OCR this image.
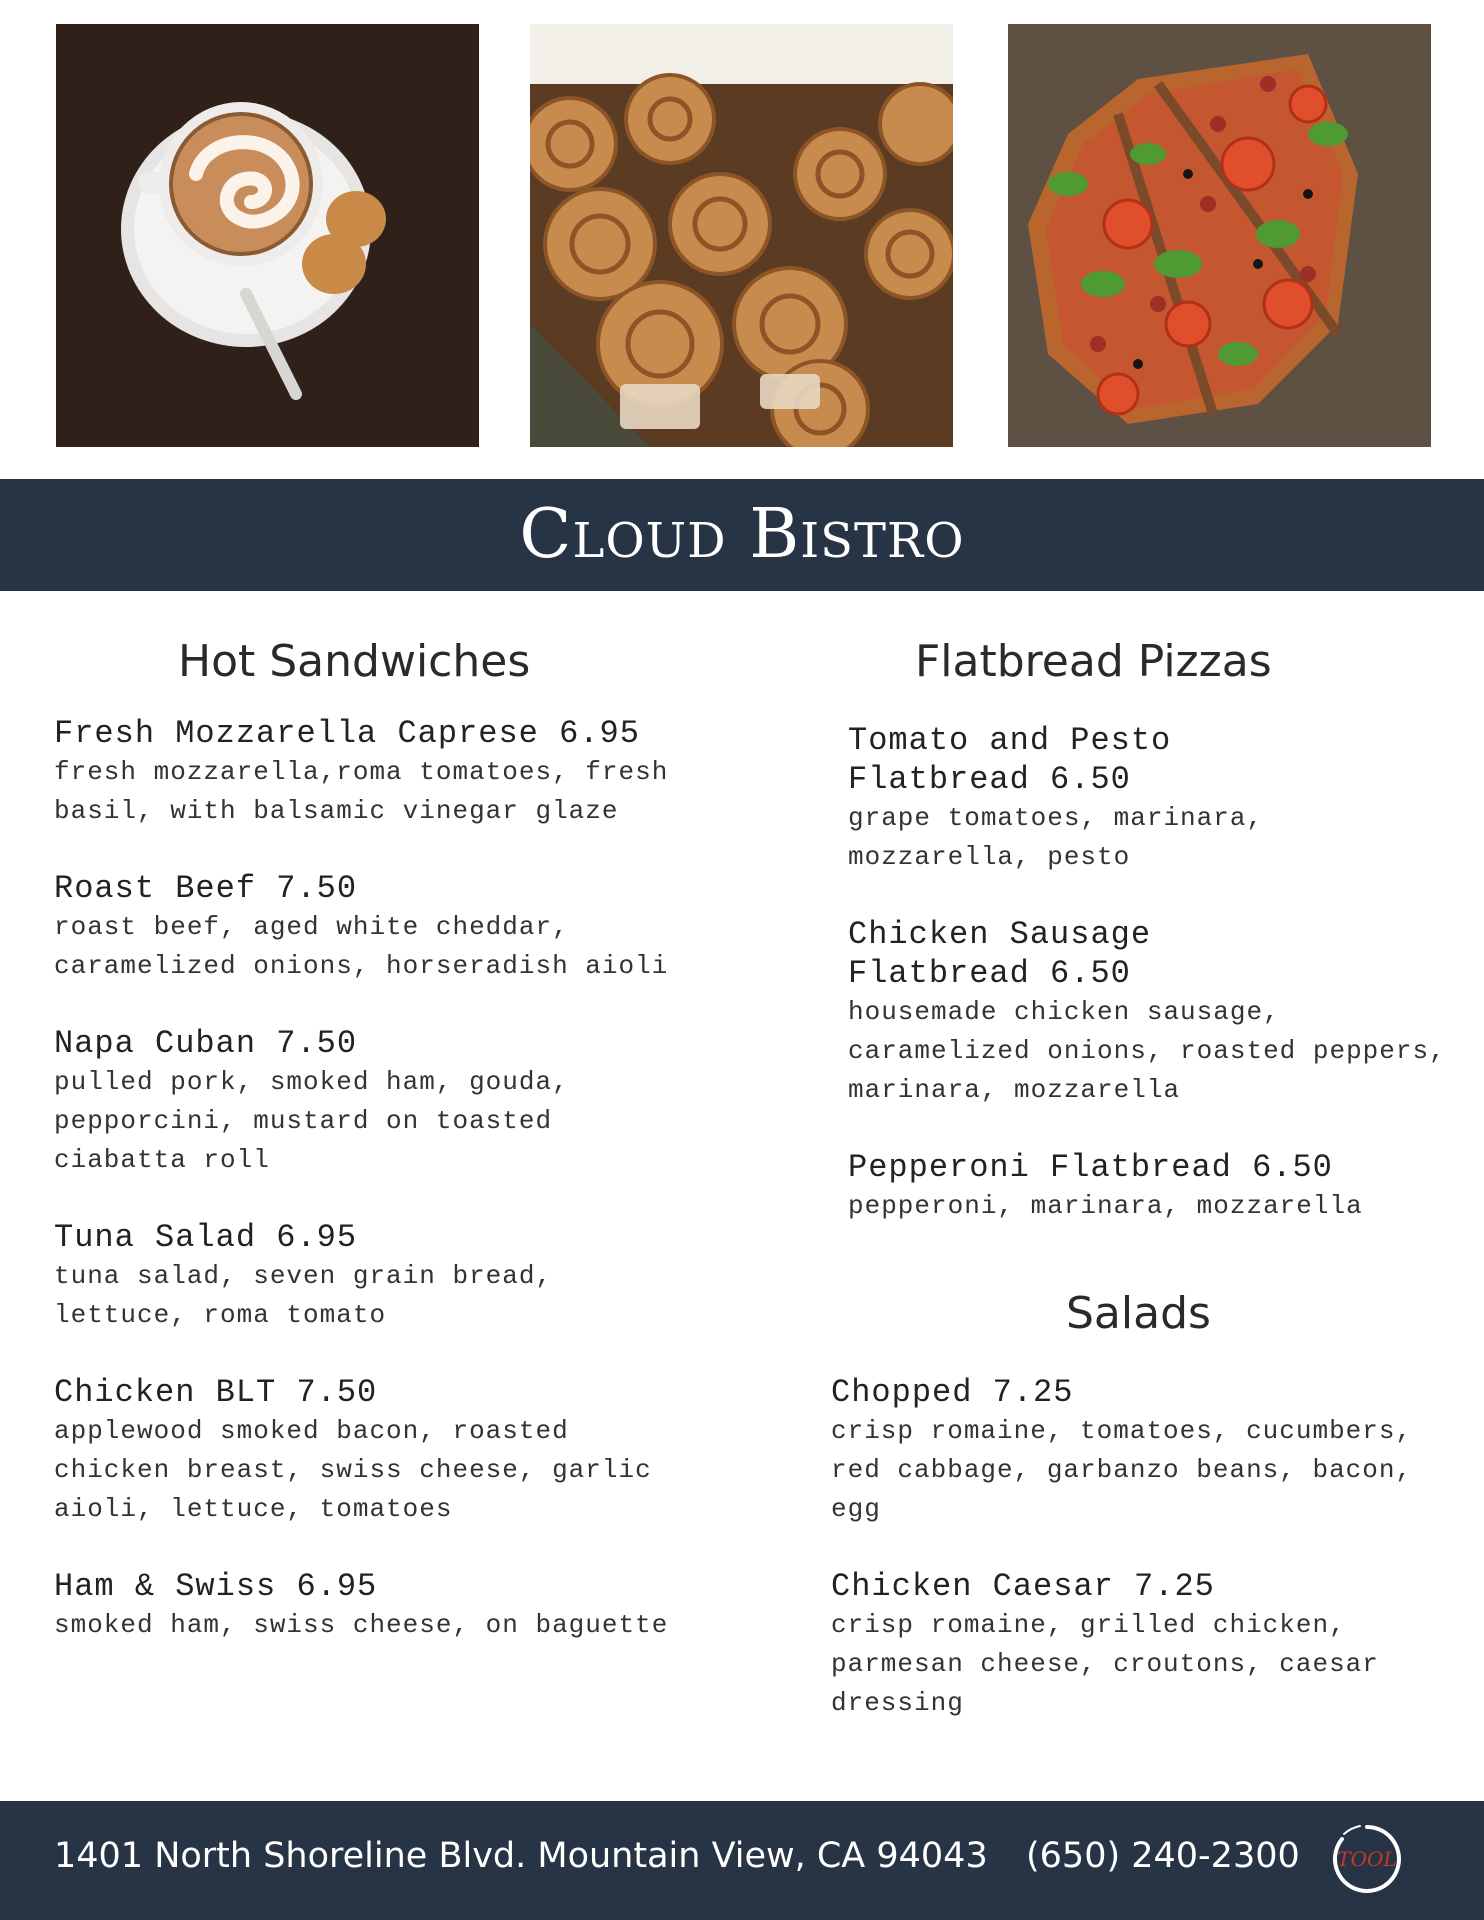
Cloud Bistro
Hot Sandwiches
Fresh Mozzarella Caprese 6.95
fresh mozzarella,roma tomatoes, fresh basil, with balsamic vinegar glaze
Roast Beef 7.50
roast beef, aged white cheddar, caramelized onions, horseradish aioli
Napa Cuban 7.50
pulled pork, smoked ham, gouda, pepporcini, mustard on toasted ciabatta roll
Tuna Salad 6.95
tuna salad, seven grain bread, lettuce, roma tomato
Chicken BLT 7.50
applewood smoked bacon, roasted chicken breast, swiss cheese, garlic aioli, lettuce, tomatoes
Ham & Swiss 6.95
smoked ham, swiss cheese, on baguette
Flatbread Pizzas
Tomato and Pesto Flatbread 6.50
grape tomatoes, marinara, mozzarella, pesto
Chicken Sausage Flatbread 6.50
housemade chicken sausage, caramelized onions, roasted peppers, marinara, mozzarella
Pepperoni Flatbread 6.50
pepperoni, marinara, mozzarella
Salads
Chopped 7.25
crisp romaine, tomatoes, cucumbers, red cabbage, garbanzo beans, bacon, egg
Chicken Caesar 7.25
crisp romaine, grilled chicken, parmesan cheese, croutons, caesar dressing
1401 North Shoreline Blvd. Mountain View, CA 94043 (650) 240-2300 TOOL
